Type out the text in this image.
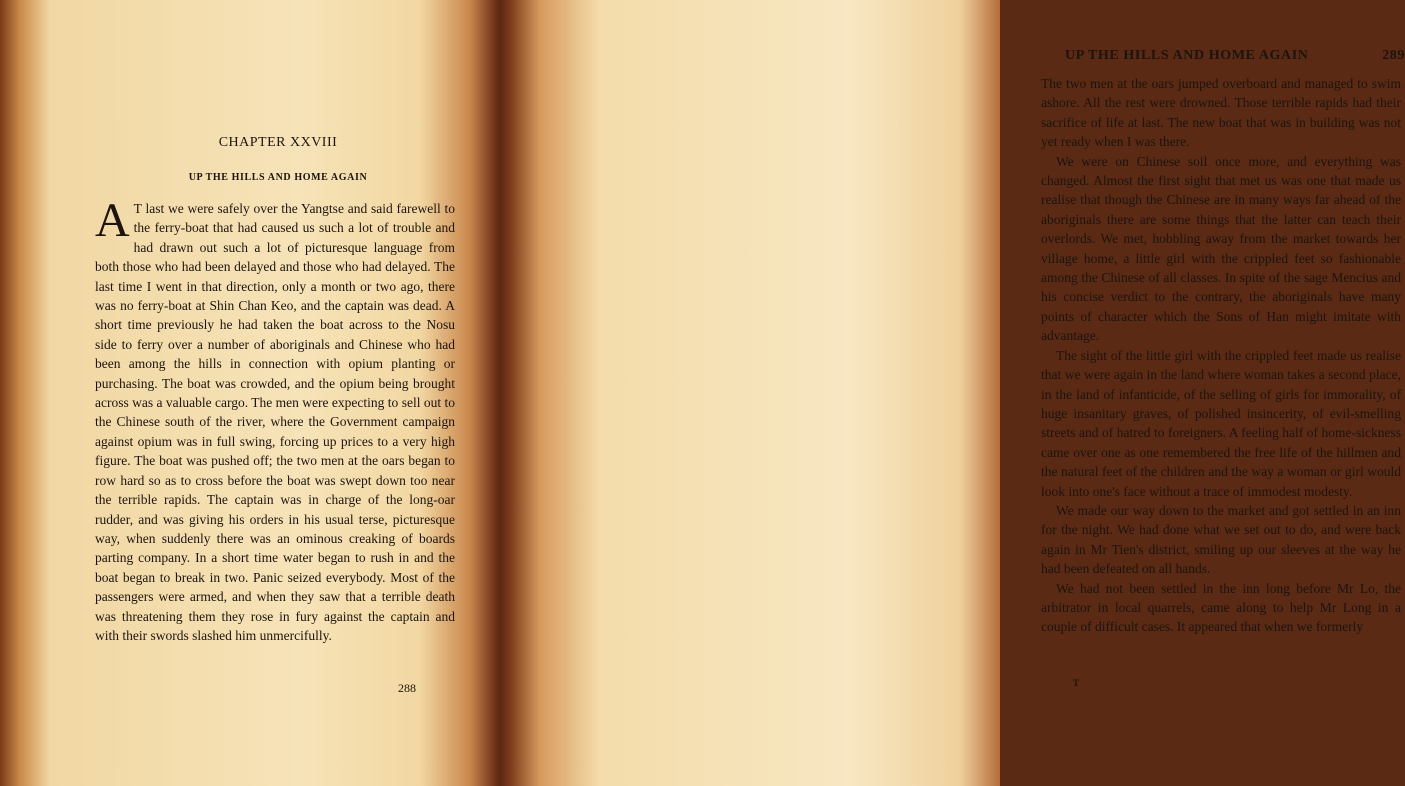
CHAPTER XXVIII
UP THE HILLS AND HOME AGAIN
A T last we were safely over the Yangtse and said farewell to the ferry-boat that had caused us such a lot of trouble and had drawn out such a lot of picturesque language from both those who had been delayed and those who had delayed. The last time I went in that direction, only a month or two ago, there was no ferry-boat at Shin Chan Keo, and the captain was dead. A short time previously he had taken the boat across to the Nosu side to ferry over a number of aboriginals and Chinese who had been among the hills in connection with opium planting or purchasing. The boat was crowded, and the opium being brought across was a valuable cargo. The men were expecting to sell out to the Chinese south of the river, where the Government campaign against opium was in full swing, forcing up prices to a very high figure. The boat was pushed off; the two men at the oars began to row hard so as to cross before the boat was swept down too near the terrible rapids. The captain was in charge of the long-oar rudder, and was giving his orders in his usual terse, picturesque way, when suddenly there was an ominous creaking of boards parting company. In a short time water began to rush in and the boat began to break in two. Panic seized everybody. Most of the passengers were armed, and when they saw that a terrible death was threatening them they rose in fury against the captain and with their swords slashed him unmercifully.
288
UP THE HILLS AND HOME AGAIN	289

The two men at the oars jumped overboard and managed to swim ashore. All the rest were drowned. Those terrible rapids had their sacrifice of life at last. The new boat that was in building was not yet ready when I was there.

We were on Chinese soil once more, and everything was changed. Almost the first sight that met us was one that made us realise that though the Chinese are in many ways far ahead of the aboriginals there are some things that the latter can teach their overlords. We met, hobbling away from the market towards her village home, a little girl with the crippled feet so fashionable among the Chinese of all classes. In spite of the sage Mencius and his concise verdict to the contrary, the aboriginals have many points of character which the Sons of Han might imitate with advantage.

The sight of the little girl with the crippled feet made us realise that we were again in the land where woman takes a second place, in the land of infanticide, of the selling of girls for immorality, of huge insanitary graves, of polished insincerity, of evil-smelling streets and of hatred to foreigners. A feeling half of home-sickness came over one as one remembered the free life of the hillmen and the natural feet of the children and the way a woman or girl would look into one's face without a trace of immodest modesty.

We made our way down to the market and got settled in an inn for the night. We had done what we set out to do, and were back again in Mr Tien's district, smiling up our sleeves at the way he had been defeated on all hands.

We had not been settled in the inn long before Mr Lo, the arbitrator in local quarrels, came along to help Mr Long in a couple of difficult cases. It appeared that when we formerly

T
